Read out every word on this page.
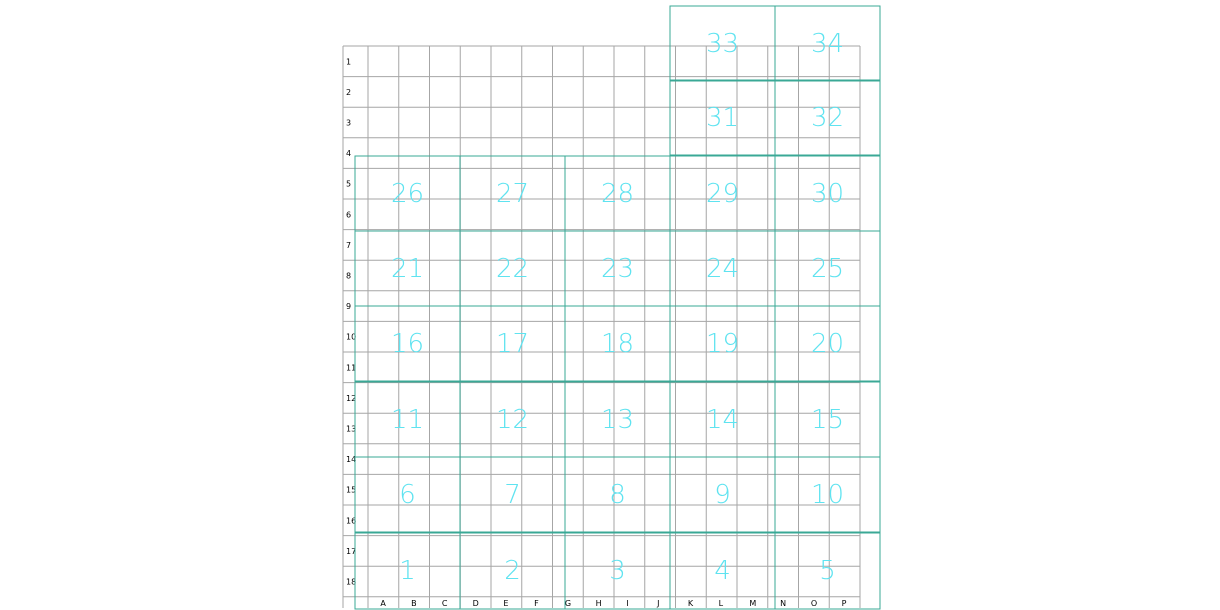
1
2
3
4
5
6
7
8
9
10
11
12
13
14
15
16
17
18
A	B	C	D	E	F	G	H	I	J	K	L	M	N	O	P
33	34
31	32
26	27	28	29	30
21	22	23	24	25
16	17	18	19	20
11	12	13	14	15
6	7	8	9	10
1	2	3	4	5
